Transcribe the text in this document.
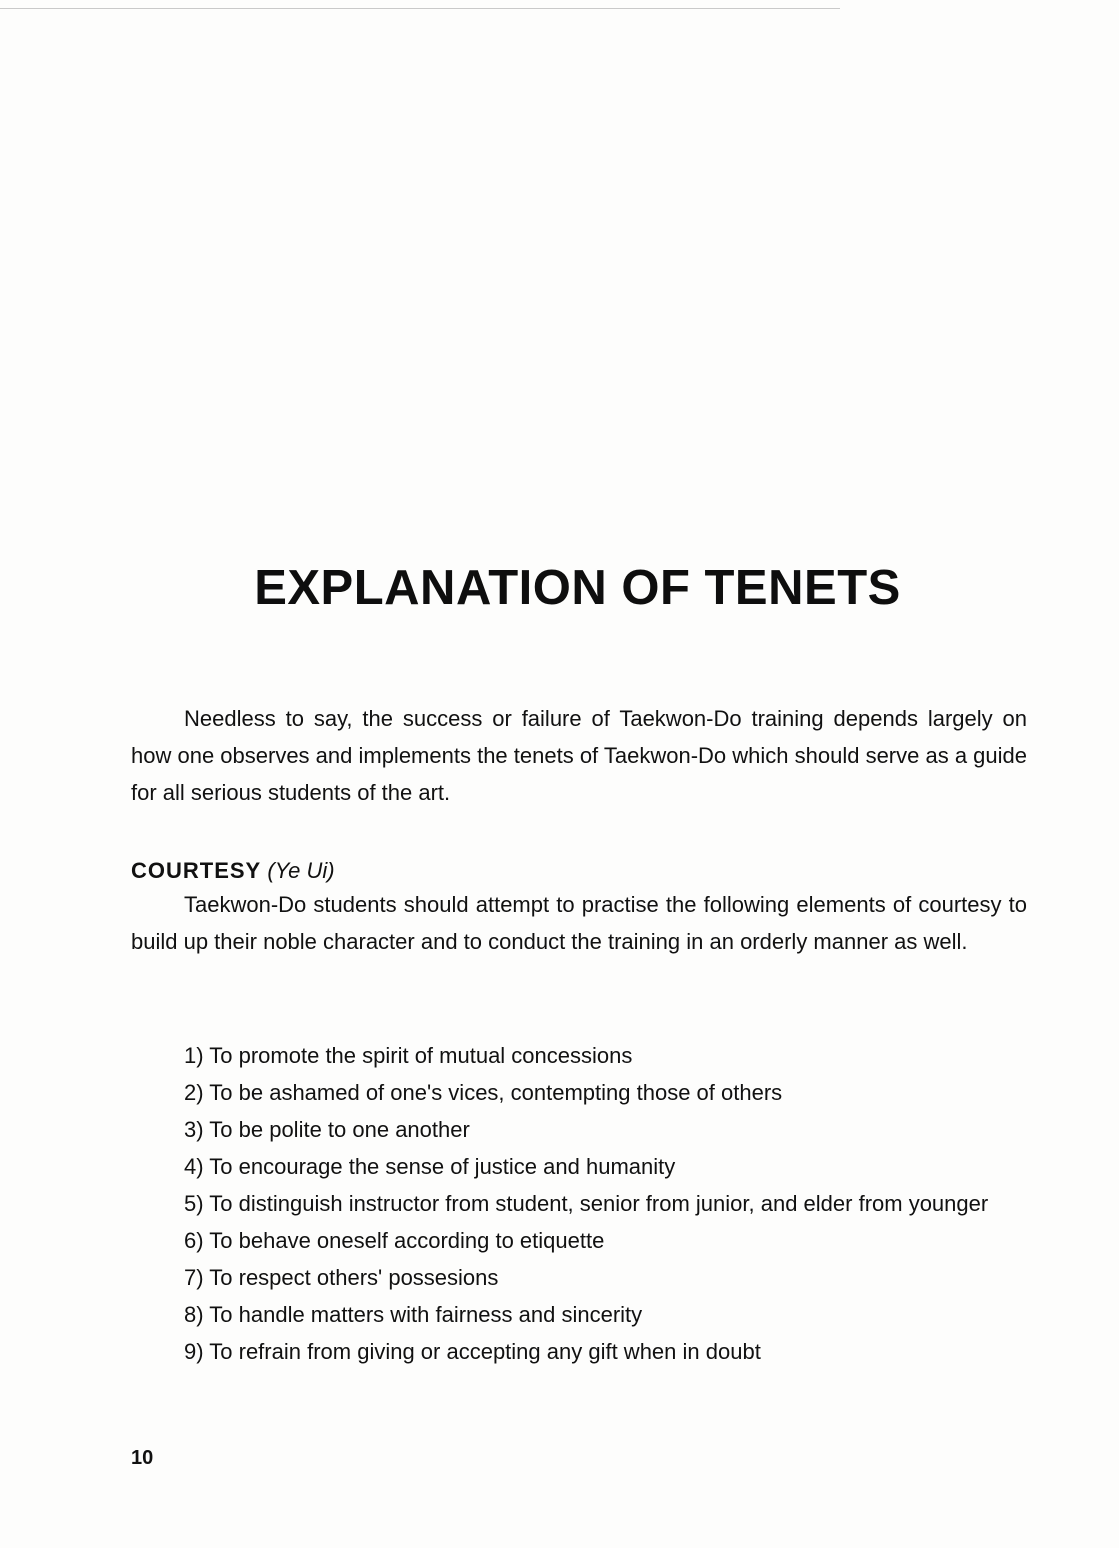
EXPLANATION OF TENETS

Needless to say, the success or failure of Taekwon-Do training depends largely on how one observes and implements the tenets of Taekwon-Do which should serve as a guide for all serious students of the art.

COURTESY (Ye Ui)

Taekwon-Do students should attempt to practise the following elements of courtesy to build up their noble character and to conduct the training in an orderly manner as well.

1) To promote the spirit of mutual concessions
2) To be ashamed of one's vices, contempting those of others
3) To be polite to one another
4) To encourage the sense of justice and humanity
5) To distinguish instructor from student, senior from junior, and elder from younger
6) To behave oneself according to etiquette
7) To respect others' possesions
8) To handle matters with fairness and sincerity
9) To refrain from giving or accepting any gift when in doubt

10
